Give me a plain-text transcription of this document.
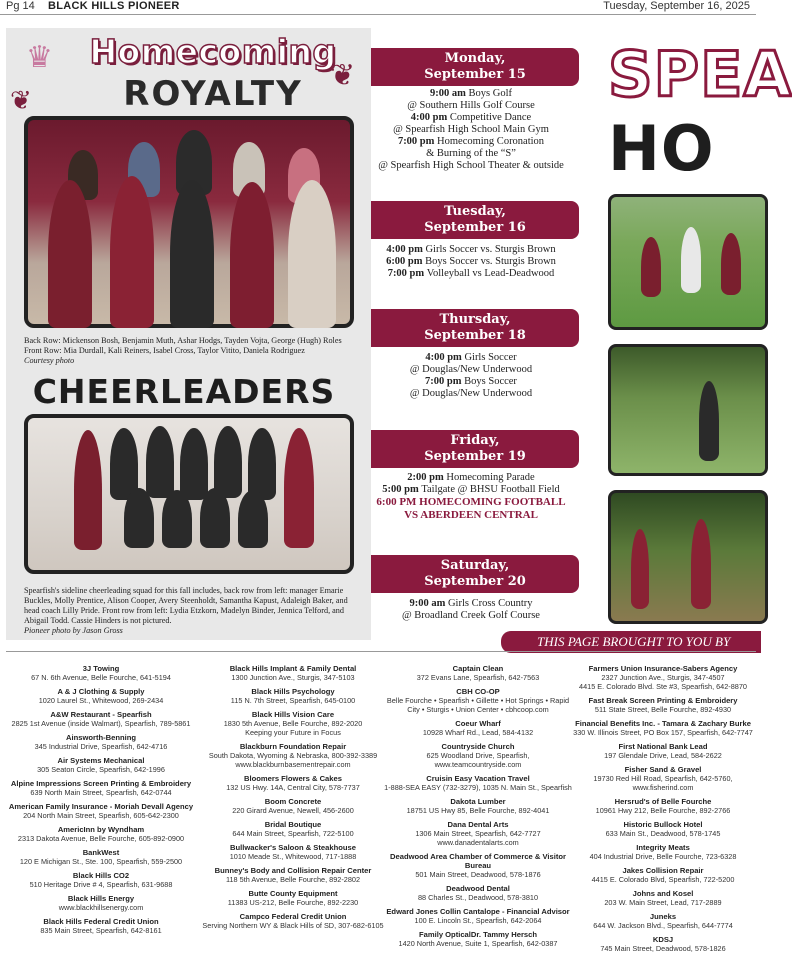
Pg 14 BLACK HILLS PIONEER	Tuesday, September 16, 2025
♛
❦
❦
Homecoming
ROYALTY
Back Row: Mickenson Bosh, Benjamin Muth, Ashar Hodgs, Tayden Vojta, George (Hugh) Roles
Front Row: Mia Durdall, Kali Reiners, Isabel Cross, Taylor Vitito, Daniela Rodriguez
Courtesy photo
CHEERLEADERS
Spearfish's sideline cheerleading squad for this fall includes, back row from left: manager Emarie Buckles, Molly Prentice, Alison Cooper, Avery Steenholdt, Samantha Kapust, Adaleigh Baker, and head coach Lilly Pride. Front row from left: Lydia Etzkorn, Madelyn Binder, Jennica Telford, and Abigail Todd. Cassie Hinders is not pictured.
Pioneer photo by Jason Gross
Monday,
September 15
9:00 am Boys Golf
@ Southern Hills Golf Course
4:00 pm Competitive Dance
@ Spearfish High School Main Gym
7:00 pm Homecoming Coronation
& Burning of the “S”
@ Spearfish High School Theater & outside
Tuesday,
September 16
4:00 pm Girls Soccer vs. Sturgis Brown
6:00 pm Boys Soccer vs. Sturgis Brown
7:00 pm Volleyball vs Lead-Deadwood
Thursday,
September 18
4:00 pm Girls Soccer
@ Douglas/New Underwood
7:00 pm Boys Soccer
@ Douglas/New Underwood
Friday,
September 19
2:00 pm Homecoming Parade
5:00 pm Tailgate @ BHSU Football Field
6:00 PM HOMECOMING FOOTBALL
VS ABERDEEN CENTRAL
Saturday,
September 20
9:00 am Girls Cross Country
@ Broadland Creek Golf Course
SPEA
HO
THIS PAGE BROUGHT TO YOU BY
3J Towing
67 N. 6th Avenue, Belle Fourche, 641-5194
A & J Clothing & Supply
1020 Laurel St., Whitewood, 269-2434
A&W Restaurant - Spearfish
2825 1st Avenue (inside Walmart), Spearfish, 789-5861
Ainsworth-Benning
345 Industrial Drive, Spearfish, 642-4716
Air Systems Mechanical
305 Seaton Circle, Spearfish, 642-1996
Alpine Impressions Screen Printing & Embroidery
639 North Main Street, Spearfish, 642-0744
American Family Insurance - Moriah Devall Agency
204 North Main Street, Spearfish, 605-642-2300
AmericInn by Wyndham
2313 Dakota Avenue, Belle Fourche, 605-892-0900
BankWest
120 E Michigan St., Ste. 100, Spearfish, 559-2500
Black Hills CO2
510 Heritage Drive # 4, Spearfish, 631-9688
Black Hills Energy
www.blackhillsenergy.com
Black Hills Federal Credit Union
835 Main Street, Spearfish, 642-8161
Black Hills Implant & Family Dental
1300 Junction Ave., Sturgis, 347-5103
Black Hills Psychology
115 N. 7th Street, Spearfish, 645-0100
Black Hills Vision Care
1830 5th Avenue, Belle Fourche, 892-2020
Keeping your Future in Focus
Blackburn Foundation Repair
South Dakota, Wyoming & Nebraska, 800-392-3389
www.blackburnbasementrepair.com
Bloomers Flowers & Cakes
132 US Hwy. 14A, Central City, 578-7737
Boom Concrete
220 Girard Avenue, Newell, 456-2600
Bridal Boutique
644 Main Street, Spearfish, 722-5100
Bullwacker's Saloon & Steakhouse
1010 Meade St., Whitewood, 717-1888
Bunney's Body and Collision Repair Center
118 5th Avenue, Belle Fourche, 892-2802
Butte County Equipment
11383 US-212, Belle Fourche, 892-2230
Campco Federal Credit Union
Serving Northern WY & Black Hills of SD, 307-682-6105
Captain Clean
372 Evans Lane, Spearfish, 642-7563
CBH CO-OP
Belle Fourche • Spearfish • Gillette • Hot Springs • Rapid
City • Sturgis • Union Center • cbhcoop.com
Coeur Wharf
10928 Wharf Rd., Lead, 584-4132
Countryside Church
625 Woodland Drive, Spearfish, www.teamcountryside.com
Cruisin Easy Vacation Travel
1-888-SEA EASY (732-3279), 1035 N. Main St., Spearfish
Dakota Lumber
18751 US Hwy 85, Belle Fourche, 892-4041
Dana Dental Arts
1306 Main Street, Spearfish, 642-7727
www.danadentalarts.com
Deadwood Area Chamber of Commerce & Visitor Bureau
501 Main Street, Deadwood, 578-1876
Deadwood Dental
88 Charles St., Deadwood, 578-3810
Edward Jones Collin Cantalope - Financial Advisor
100 E. Lincoln St., Spearfish, 642-2064
Family OpticalDr. Tammy Hersch
1420 North Avenue, Suite 1, Spearfish, 642-0387
Farmers Union Insurance-Sabers Agency
2327 Junction Ave., Sturgis, 347-4507
4415 E. Colorado Blvd. Ste #3, Spearfish, 642-8870
Fast Break Screen Printing & Embroidery
511 State Street, Belle Fourche, 892-4930
Financial Benefits Inc. - Tamara & Zachary Burke
330 W. Illinois Street, PO Box 157, Spearfish, 642-7747
First National Bank Lead
197 Glendale Drive, Lead, 584-2622
Fisher Sand & Gravel
19730 Red Hill Road, Spearfish, 642-5760, www.fisherind.com
Hersrud's of Belle Fourche
10961 Hwy 212, Belle Fourche, 892-2766
Historic Bullock Hotel
633 Main St., Deadwood, 578-1745
Integrity Meats
404 Industrial Drive, Belle Fourche, 723-6328
Jakes Collision Repair
4415 E. Colorado Blvd, Spearfish, 722-5200
Johns and Kosel
203 W. Main Street, Lead, 717-2889
Juneks
644 W. Jackson Blvd., Spearfish, 644-7774
KDSJ
745 Main Street, Deadwood, 578-1826
